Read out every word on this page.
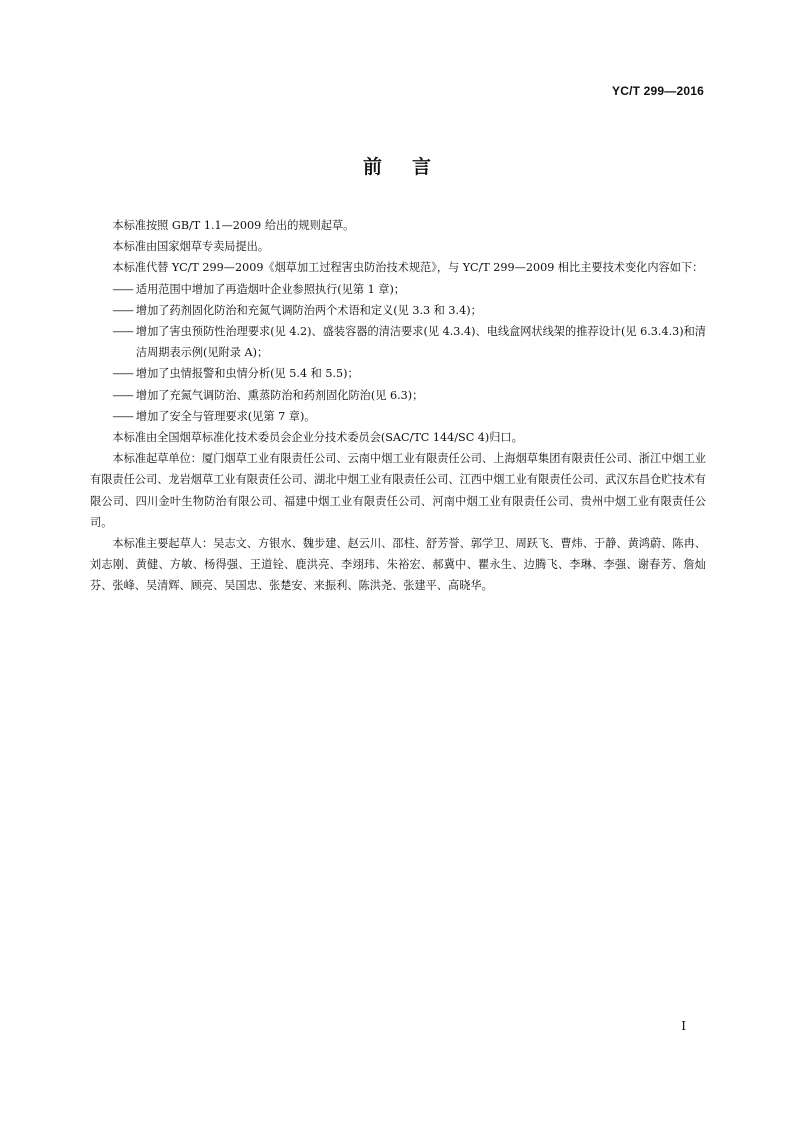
YC/T 299—2016
前言

本标准按照 GB/T 1.1—2009 给出的规则起草。

本标准由国家烟草专卖局提出。

本标准代替 YC/T 299—2009《烟草加工过程害虫防治技术规范》，与 YC/T 299—2009 相比主要技术变化内容如下：

—— 适用范围中增加了再造烟叶企业参照执行(见第 1 章)；

—— 增加了药剂固化防治和充氮气调防治两个术语和定义(见 3.3 和 3.4)；

—— 增加了害虫预防性治理要求(见 4.2)、盛装容器的清洁要求(见 4.3.4)、电线盒网状线架的推荐设计(见 6.3.4.3)和清洁周期表示例(见附录 A)；

—— 增加了虫情报警和虫情分析(见 5.4 和 5.5)；

—— 增加了充氮气调防治、熏蒸防治和药剂固化防治(见 6.3)；

—— 增加了安全与管理要求(见第 7 章)。

本标准由全国烟草标准化技术委员会企业分技术委员会(SAC/TC 144/SC 4)归口。

本标准起草单位：厦门烟草工业有限责任公司、云南中烟工业有限责任公司、上海烟草集团有限责任公司、浙江中烟工业有限责任公司、龙岩烟草工业有限责任公司、湖北中烟工业有限责任公司、江西中烟工业有限责任公司、武汉东昌仓贮技术有限公司、四川金叶生物防治有限公司、福建中烟工业有限责任公司、河南中烟工业有限责任公司、贵州中烟工业有限责任公司。

本标准主要起草人：吴志文、方银水、魏步建、赵云川、邵柱、舒芳誉、郭学卫、周跃飞、曹炜、于静、黄鸿蔚、陈冉、刘志刚、黄健、方敏、杨得强、王道铨、鹿洪亮、李翊玮、朱裕宏、郝冀中、瞿永生、边腾飞、李琳、李强、谢春芳、詹灿芬、张峰、吴清辉、顾亮、吴国忠、张楚安、来振利、陈洪尧、张建平、高晓华。

I
